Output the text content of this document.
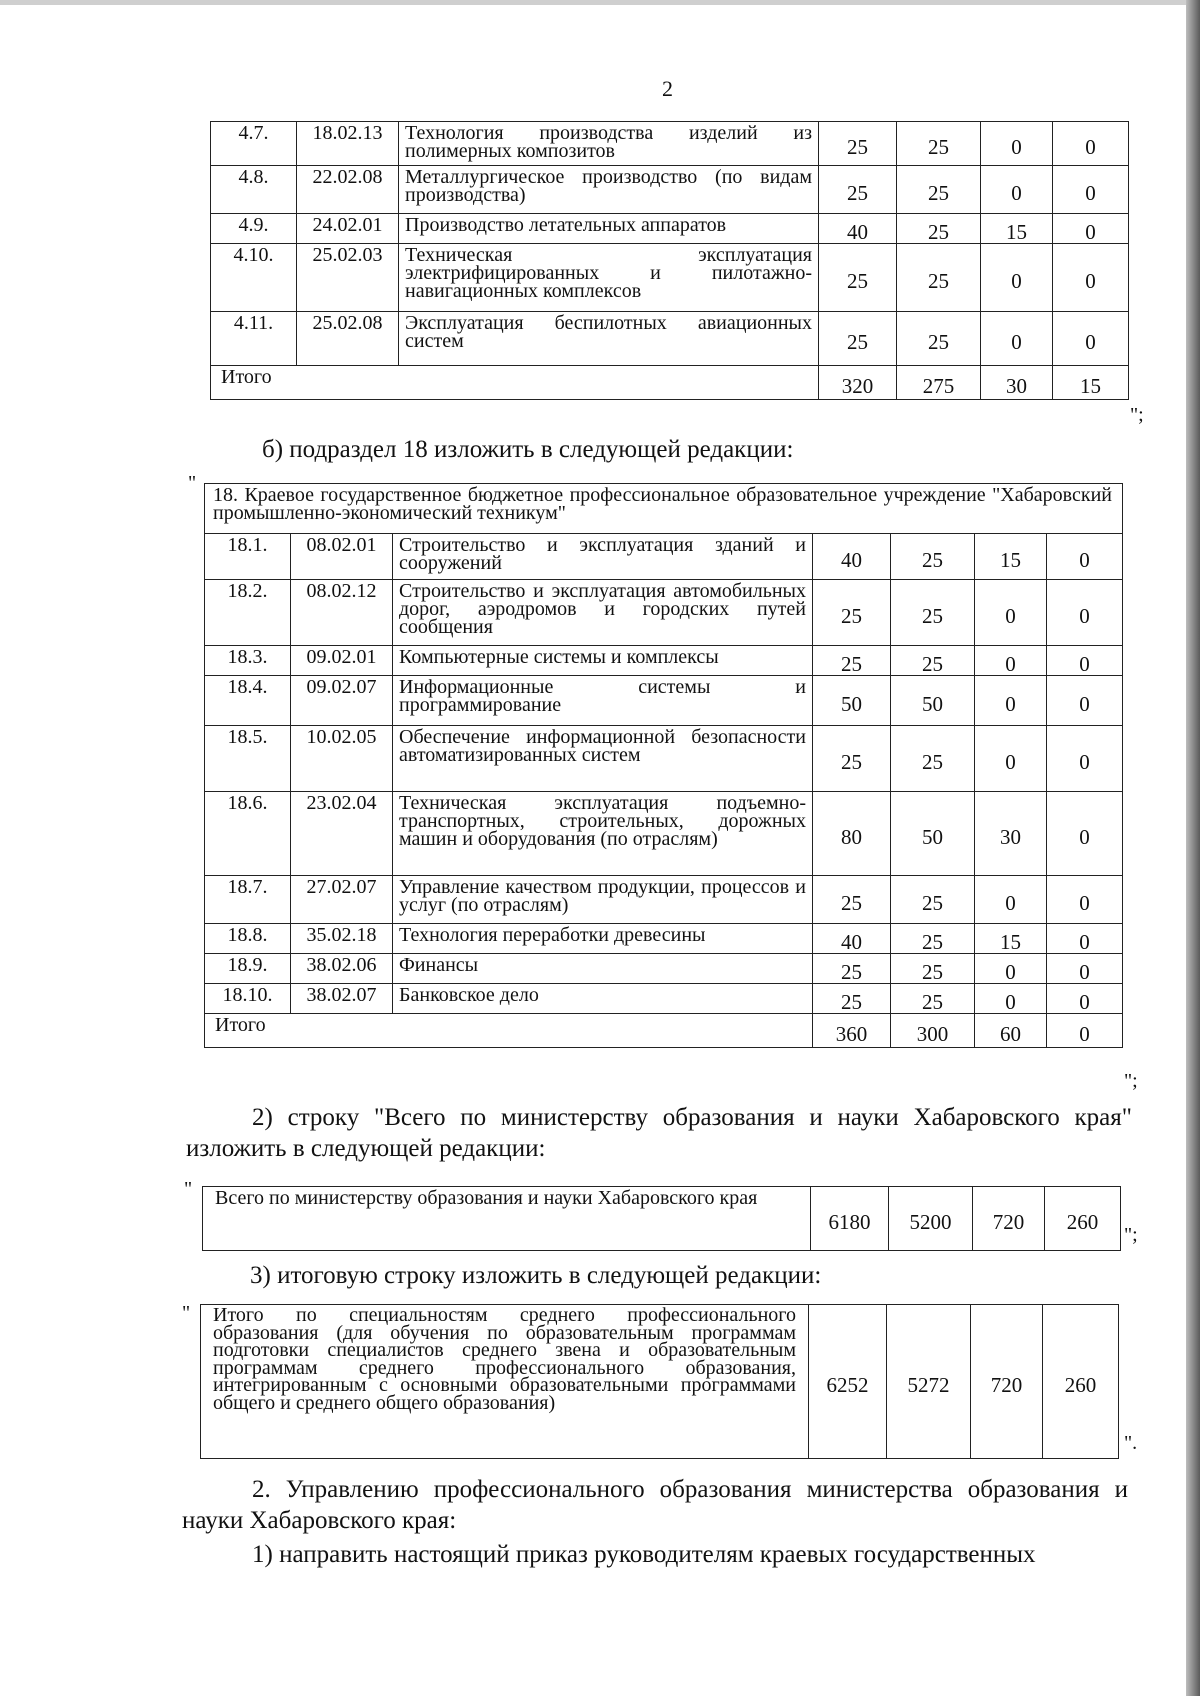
2
4.7.	18.02.13	Технология производства изделий из полимерных композитов	25	25	0	0
4.8.	22.02.08	Металлургическое производство (по видам производства)	25	25	0	0
4.9.	24.02.01	Производство летательных аппаратов	40	25	15	0
4.10.	25.02.03	Техническая эксплуатация электрифицированных и пилотажно-навигационных комплексов	25	25	0	0
4.11.	25.02.08	Эксплуатация беспилотных авиационных систем	25	25	0	0
Итого			320	275	30	15
";
б) подраздел 18 изложить в следующей редакции:
"
18. Краевое государственное бюджетное профессиональное образовательное учреждение "Хабаровский промышленно-экономический техникум"						
18.1.	08.02.01	Строительство и эксплуатация зданий и сооружений	40	25	15	0
18.2.	08.02.12	Строительство и эксплуатация автомобильных дорог, аэродромов и городских путей сообщения	25	25	0	0
18.3.	09.02.01	Компьютерные системы и комплексы	25	25	0	0
18.4.	09.02.07	Информационные системы и программирование	50	50	0	0
18.5.	10.02.05	Обеспечение информационной безопасности автоматизированных систем	25	25	0	0
18.6.	23.02.04	Техническая эксплуатация подъемно-транспортных, строительных, дорожных машин и оборудования (по отраслям)	80	50	30	0
18.7.	27.02.07	Управление качеством продукции, процессов и услуг (по отраслям)	25	25	0	0
18.8.	35.02.18	Технология переработки древесины	40	25	15	0
18.9.	38.02.06	Финансы	25	25	0	0
18.10.	38.02.07	Банковское дело	25	25	0	0
Итого			360	300	60	0
";
2) строку "Всего по министерству образования и науки Хабаровского края" изложить в следующей редакции:
" Всего по министерству образования и науки Хабаровского края	6180	5200	720	260
";
3) итоговую строку изложить в следующей редакции:
" Итого по специальностям среднего профессионального образования (для обучения по образовательным программам подготовки специалистов среднего звена и образовательным программам среднего профессионального образования, интегрированным с основными образовательными программами общего и среднего общего образования)	6252	5272	720	260
".
2. Управлению профессионального образования министерства образования и науки Хабаровского края:
1) направить настоящий приказ руководителям краевых государственных
